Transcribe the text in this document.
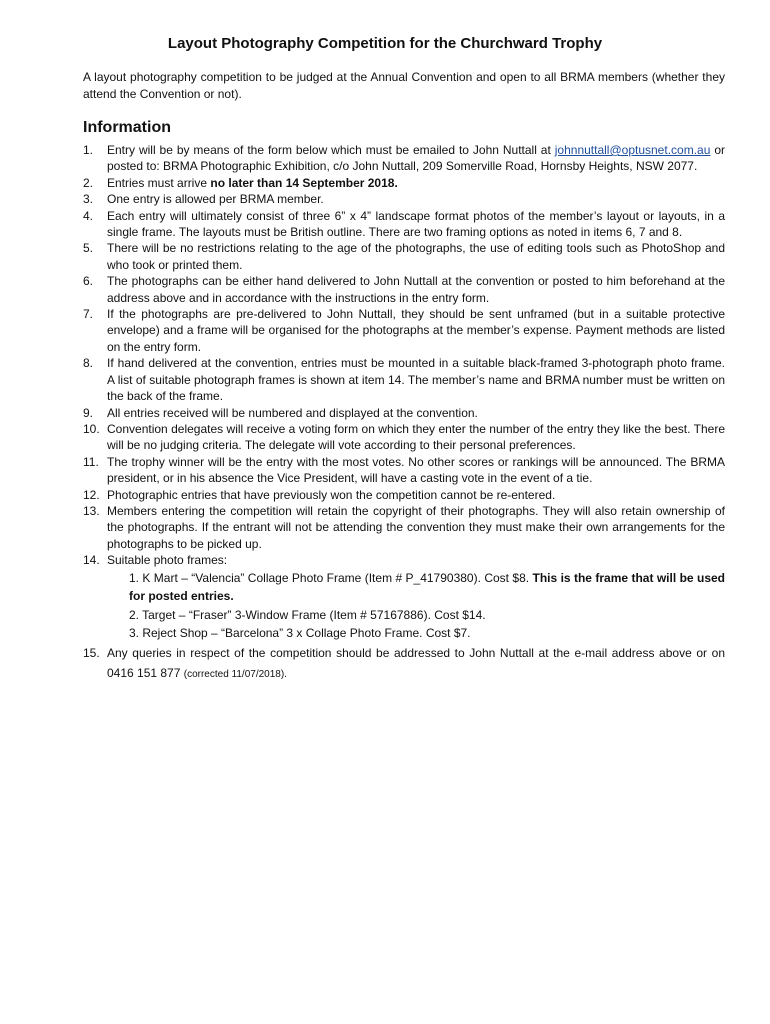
Layout Photography Competition for the Churchward Trophy
A layout photography competition to be judged at the Annual Convention and open to all BRMA members (whether they attend the Convention or not).
Information
1. Entry will be by means of the form below which must be emailed to John Nuttall at johnnuttall@optusnet.com.au or posted to: BRMA Photographic Exhibition, c/o John Nuttall, 209 Somerville Road, Hornsby Heights, NSW 2077.
2. Entries must arrive no later than 14 September 2018.
3. One entry is allowed per BRMA member.
4. Each entry will ultimately consist of three 6” x 4” landscape format photos of the member’s layout or layouts, in a single frame. The layouts must be British outline. There are two framing options as noted in items 6, 7 and 8.
5. There will be no restrictions relating to the age of the photographs, the use of editing tools such as PhotoShop and who took or printed them.
6. The photographs can be either hand delivered to John Nuttall at the convention or posted to him beforehand at the address above and in accordance with the instructions in the entry form.
7. If the photographs are pre-delivered to John Nuttall, they should be sent unframed (but in a suitable protective envelope) and a frame will be organised for the photographs at the member’s expense. Payment methods are listed on the entry form.
8. If hand delivered at the convention, entries must be mounted in a suitable black-framed 3-photograph photo frame. A list of suitable photograph frames is shown at item 14. The member’s name and BRMA number must be written on the back of the frame.
9. All entries received will be numbered and displayed at the convention.
10. Convention delegates will receive a voting form on which they enter the number of the entry they like the best. There will be no judging criteria. The delegate will vote according to their personal preferences.
11. The trophy winner will be the entry with the most votes. No other scores or rankings will be announced. The BRMA president, or in his absence the Vice President, will have a casting vote in the event of a tie.
12. Photographic entries that have previously won the competition cannot be re-entered.
13. Members entering the competition will retain the copyright of their photographs. They will also retain ownership of the photographs. If the entrant will not be attending the convention they must make their own arrangements for the photographs to be picked up.
14. Suitable photo frames:
1. K Mart – “Valencia” Collage Photo Frame (Item # P_41790380). Cost $8. This is the frame that will be used for posted entries.
2. Target – “Fraser” 3-Window Frame (Item # 57167886). Cost $14.
3. Reject Shop – “Barcelona” 3 x Collage Photo Frame. Cost $7.
15. Any queries in respect of the competition should be addressed to John Nuttall at the e-mail address above or on 0416 151 877 (corrected 11/07/2018).
